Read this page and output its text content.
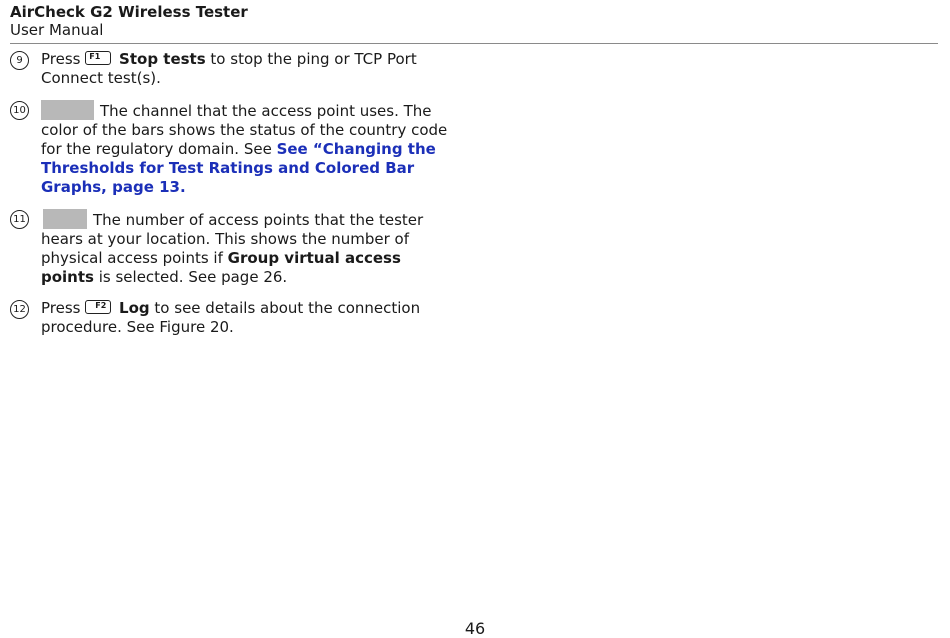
AirCheck G2 Wireless Tester
User Manual
9	Press F1 Stop tests to stop the ping or TCP Port Connect test(s).
10	The channel that the access point uses. The color of the bars shows the status of the country code for the regulatory domain. See See “Changing the Thresholds for Test Ratings and Colored Bar Graphs, page 13.
11	The number of access points that the tester hears at your location. This shows the number of physical access points if Group virtual access points is selected. See page 26.
12 Press F2 Log to see details about the connection procedure. See Figure 20.
46
